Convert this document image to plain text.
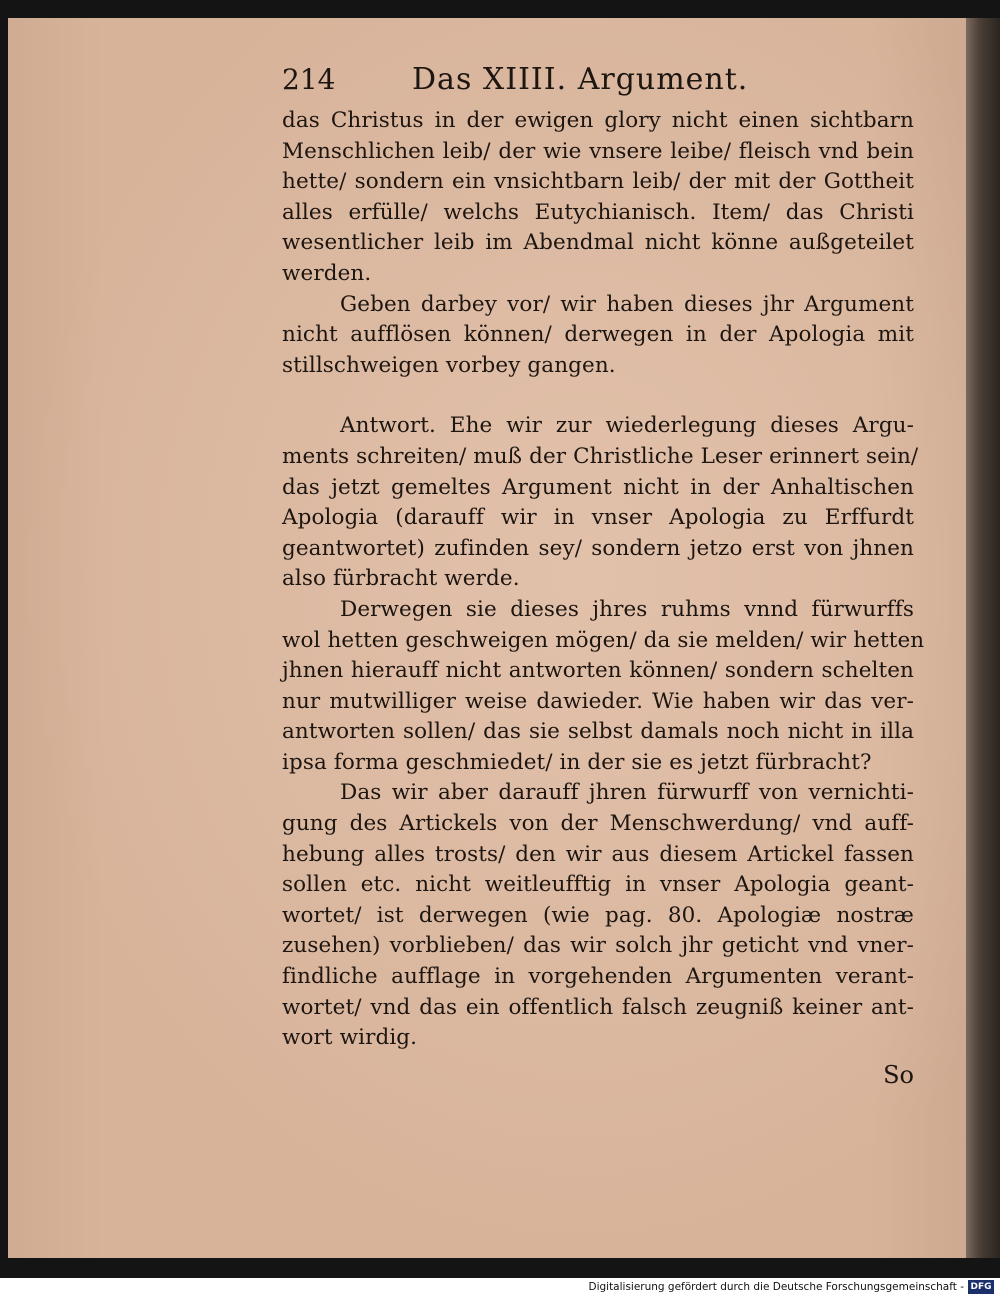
214	Das XIIII. Argument.
das Christus in der ewigen glory nicht einen sichtbarn
Menschlichen leib/ der wie vnsere leibe/ fleisch vnd bein
hette/ sondern ein vnsichtbarn leib/ der mit der Gottheit
alles erfülle/ welchs Eutychianisch. Item/ das Christi
wesentlicher leib im Abendmal nicht könne außgeteilet
werden.
Geben darbey vor/ wir haben dieses jhr Argument
nicht aufflösen können/ derwegen in der Apologia mit
stillschweigen vorbey gangen.
Antwort. Ehe wir zur wiederlegung dieses Argu-
ments schreiten/ muß der Christliche Leser erinnert sein/
das jetzt gemeltes Argument nicht in der Anhaltischen
Apologia (darauff wir in vnser Apologia zu Erffurdt
geantwortet) zufinden sey/ sondern jetzo erst von jhnen
also fürbracht werde.
Derwegen sie dieses jhres ruhms vnnd fürwurffs
wol hetten geschweigen mögen/ da sie melden/ wir hetten
jhnen hierauff nicht antworten können/ sondern schelten
nur mutwilliger weise dawieder. Wie haben wir das ver-
antworten sollen/ das sie selbst damals noch nicht in illa
ipsa forma geschmiedet/ in der sie es jetzt fürbracht?
Das wir aber darauff jhren fürwurff von vernichti-
gung des Artickels von der Menschwerdung/ vnd auff-
hebung alles trosts/ den wir aus diesem Artickel fassen
sollen etc. nicht weitleufftig in vnser Apologia geant-
wortet/ ist derwegen (wie pag. 80. Apologiæ nostræ
zusehen) vorblieben/ das wir solch jhr geticht vnd vner-
findliche aufflage in vorgehenden Argumenten verant-
wortet/ vnd das ein offentlich falsch zeugniß keiner ant-
wort wirdig.
So
Digitalisierung gefördert durch die Deutsche Forschungsgemeinschaft - DFG
